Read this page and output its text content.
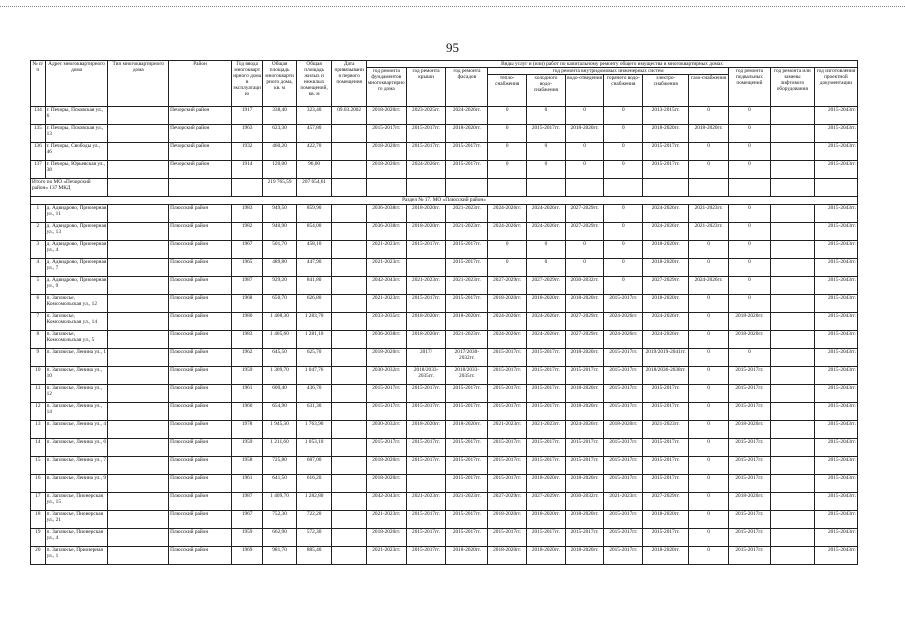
95
№ п/п	Адрес многоквартирного дома	Тип многоквартирного дома	Район	Год ввода многоквартирного дома в эксплуатацию	Общая площадь многоквартирного дома, кв. м	Общая площадь жилых и нежилых помещений, кв. м	Дата привязывания первого помещения	Виды услуг и (или) работ по капитальному ремонту общего имущества в многоквартирных домах											
								год ремонта фундаментов многоквартирного дома	год ремонта крыши	год ремонта фасадов	год ремонта внутридомовых инженерных систем						год ремонта подвальных помещений	год ремонта или замены лифтового оборудования	год изготовления проектной документации
											тепло-снабжения	холодного водо-снабжения	водо-отведения	горячего водо-снабжения	электро-снабжения	газо-снабжения			
134	г. Печоры, Псковская ул., 6		Печорский район	1917	338,40	323,40	09.03.2002	2018-2020гг.	2023-2025гг.	2024-2026гг.	0	0	0	0	2013-2015гг.	0	0		2015-2043гг.
135	г. Печоры, Псковская ул., 13		Печорский район	1963	623,30	457,80		2015-2017гг.	2015-2017гг.	2018-2020гг.	0	2015-2017гг.	2018-2020гг.	0	2018-2020гг.	2018-2020гг.	0		2015-2043гг.
136	г. Печоры, Свободы ул., 46		Печорский район	1932	460,20	422,70		2018-2020гг.	2015-2017гг.	2015-2017гг.	0	0	0	0	2015-2017гг.	0	0		2015-2043гг.
137	г. Печоры, Юрьевская ул., 38		Печорский район	1914	120,00	96,00		2018-2020гг.	2024-2026гг.	2015-2017гг.	0	0	0	0	2015-2017гг.	0	0		2015-2043гг.
Итого по МО «Печорский район» 137 МКД					219 765,59	207 654,61													
Раздел № 17. МО «Плюсский район»																			
1	д. Адвидрово, Приозерная ул., 11		Плюсский район	1983	949,50	859,90		2036-2038гг.	2018-2020гг.	2021-2023гг.	2024-2026гг.	2024-2026гг.	2027-2029гг.	0	2024-2026гг.	2021-2023гг.	0		2015-2043гг.
2	д. Адвидрово, Приозерная ул., 13		Плюсский район	1982	940,90	854,00		2036-2038гг.	2018-2020гг.	2021-2023гг.	2024-2026гг.	2024-2026гг.	2027-2029гг.	0	2024-2026гг.	2021-2023гг.	0		2015-2043гг.
3	д. Адвидрово, Приозерная ул., 4		Плюсский район	1967	501,70	458,10		2021-2023гг.	2015-2017гг.	2015-2017гг.	0	0	0	0	2018-2020гг.	0	0		2015-2043гг.
4	д. Адвидрово, Приозерная ул., 7		Плюсский район	1965	489,80	447,90		2021-2023гг.		2015-2017гг.	0	0	0	0	2018-2020гг.	0	0		2015-2043гг.
5	д. Адвидрово, Приозерная ул., 9		Плюсский район	1987	929,20	841,80		2042-2043гг.	2021-2023гг.	2021-2023гг.	2027-2029гг.	2027-2029гг.	2030-2032гг.	0	2027-2029гг.	2024-2026гг.	0		2015-2043гг.
6	п. Заплюсье, Комсомольская ул., 12		Плюсский район	1968	650,70	626,80		2021-2023гг.	2015-2017гг.	2015-2017гг.	2018-2020гг.	2018-2020гг.	2018-2020гг.	2015-2017гг.	2018-2020гг.	0	0		2015-2043гг.
7	п. Заплюсье, Комсомольская ул., 14		Плюсский район	1980	1 408,30	1 283,70		2033-2035гг.	2018-2020гг.	2018-2020гг.	2024-2026гг.	2024-2026гг.	2027-2029гг.	2024-2026гг.	2024-2026гг.	0	2018-2020гг.		2015-2043гг.
8	п. Заплюсье, Комсомольская ул., 5		Плюсский район	1983	1 405,60	1 281,10		2036-2038гг.	2018-2020гг.	2021-2023гг.	2024-2026гг.	2024-2026гг.	2027-2029гг.	2024-2026гг.	2024-2026гг.	0	2018-2020гг.		2015-2043гг.
9	п. Заплюсье, Ленина ул., 1		Плюсский район	1962	645,50	625,70		2018-2020гг.	2017/	2017/2030-2032гг.	2015-2017гг.	2015-2017гг.	2018-2020гг.	2015-2017гг.	2019/2019-2041гг.	0	0		2015-2043гг.
10	п. Заплюсье, Ленина ул., 10		Плюсский район	1959	1 309,70	1 047,76		2030-2032гг.	2018/2033-2035гг.	2018/2033-2035гг.	2015-2017гг.	2015-2017гг.	2015-2017гг.	2015-2017гг.	2018/2036-2038гг.	0	2015-2017гг.		2015-2043гг.
11	п. Заплюсье, Ленина ул., 12		Плюсский район	1961	600,40	436,70		2015-2017гг.	2015-2017гг.	2015-2017гг.	2015-2017гг.	2015-2017гг.	2018-2020гг.	2015-2017гг.	2015-2017гг.	0	2015-2017гг.		2015-2043гг.
12	п. Заплюсье, Ленина ул., 14		Плюсский район	1960	654,90	631,30		2015-2017гг.	2015-2017гг.	2015-2017гг.	2015-2017гг.	2015-2017гг.	2018-2020гг.	2015-2017гг.	2015-2017гг.	0	2015-2017гг.		2015-2043гг.
13	п. Заплюсье, Ленина ул., 4		Плюсский район	1978	1 945,30	1 763,90		2030-2032гг.	2018-2020гг.	2018-2020гг.	2021-2023гг.	2021-2023гг.	2024-2026гг.	2018-2020гг.	2021-2023гг.	0	2018-2020гг.		2015-2043гг.
14	п. Заплюсье, Ленина ул., 6		Плюсский район	1959	1 211,60	1 053,10		2015-2017гг.	2015-2017гг.	2015-2017гг.	2015-2017гг.	2015-2017гг.	2015-2017гг.	2015-2017гг.	2015-2017гг.	0	2015-2017гг.		2015-2043гг.
15	п. Заплюсье, Ленина ул., 7		Плюсский район	1958	725,80	687,00		2018-2020гг.	2015-2017гг.	2015-2017гг.	2015-2017гг.	2015-2017гг.	2015-2017гг.	2015-2017гг.	2015-2017гг.	0	2015-2017гг.		2015-2043гг.
16	п. Заплюсье, Ленина ул., 9		Плюсский район	1961	641,50	616,20		2018-2020гг.		2015-2017гг.	2015-2017гг.	2018-2020гг.	2018-2020гг.	2015-2017гг.	2015-2017гг.	0	2015-2017гг.		2015-2043гг.
17	п. Заплюсье, Пионерская ул., 15		Плюсский район	1987	1 409,70	1 282,80		2042-2043гг.	2021-2023гг.	2021-2023гг.	2027-2029гг.	2027-2029гг.	2030-2032гг.	2021-2023гг.	2027-2029гг.	0	2018-2020гг.		2015-2043гг.
18	п. Заплюсье, Пионерская ул., 21		Плюсский район	1967	752,30	722,20		2021-2023гг.	2015-2017гг.	2015-2017гг.	2018-2020гг.	2018-2020гг.	2018-2020гг.	2015-2017гг.	2018-2020гг.	0	2015-2017гг.		2015-2043гг.
19	п. Заплюсье, Пионерская ул., 4		Плюсский район	1959	662,90	572,30		2018-2020гг.	2015-2017гг.	2015-2017гг.	2015-2017гг.	2015-2017гг.	2015-2017гг.	2015-2017гг.	2015-2017гг.	0	2015-2017гг.		2015-2043гг.
20	п. Заплюсье, Приозерная ул., 1		Плюсский район	1969	981,70	885,40		2021-2023гг.	2015-2017гг.	2018-2020гг.	2018-2020гг.	2018-2020гг.	2018-2020гг.	2015-2017гг.	2018-2020гг.	0	2015-2017гг.		2015-2043гг.
